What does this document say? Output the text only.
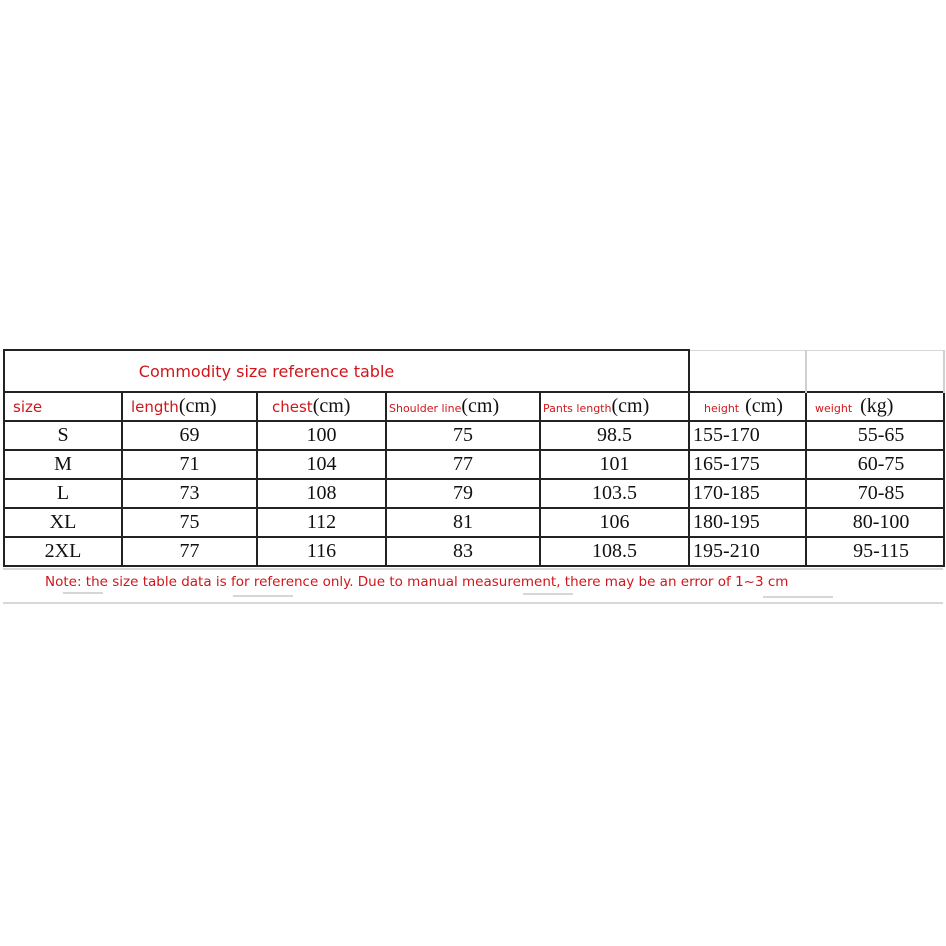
Commodity size reference table						
size	length(cm)	chest(cm)	Shoulder line(cm)	Pants length(cm)	height (cm)	weight (kg)
S	69	100	75	98.5	155-170	55-65
M	71	104	77	101	165-175	60-75
L	73	108	79	103.5	170-185	70-85
XL	75	112	81	106	180-195	80-100
2XL	77	116	83	108.5	195-210	95-115
Note: the size table data is for reference only. Due to manual measurement, there may be an error of 1~3 cm
